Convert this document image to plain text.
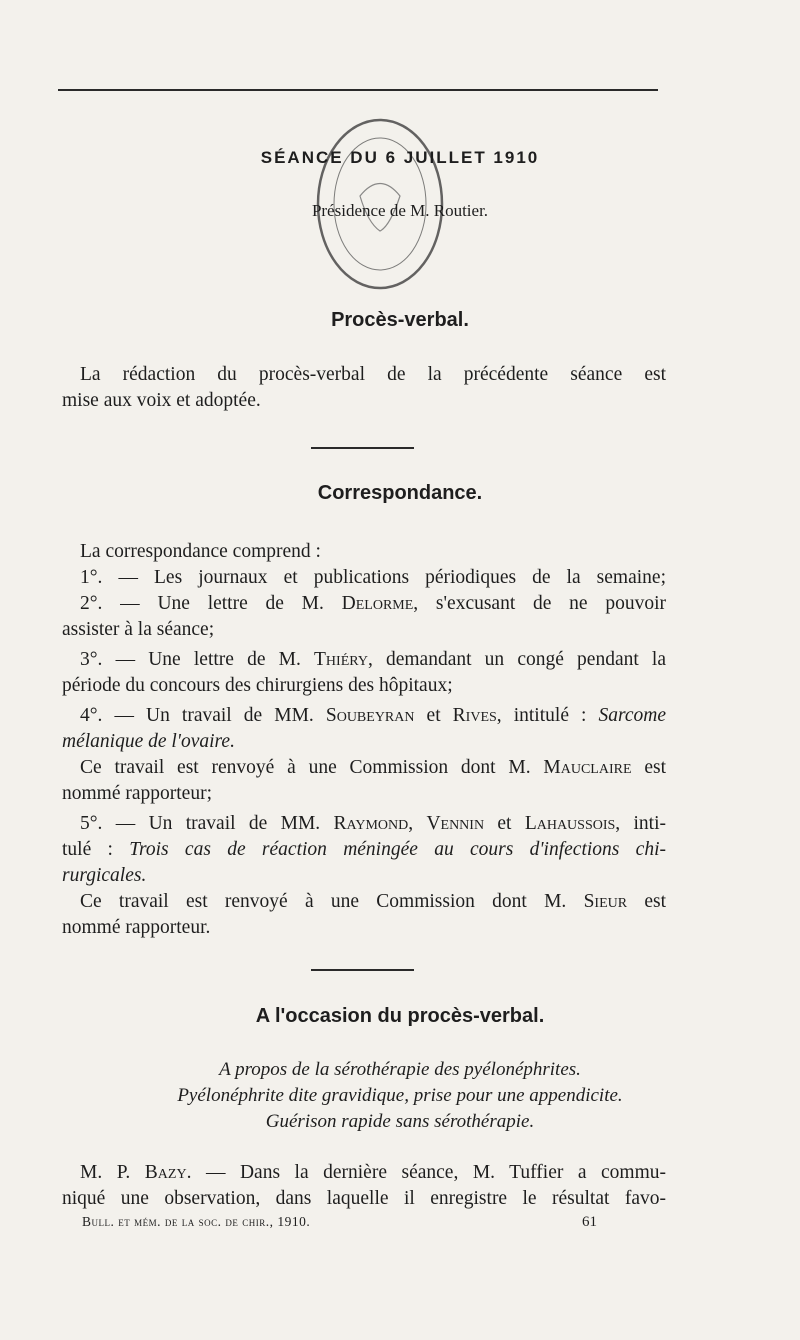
SÉANCE DU 6 JUILLET 1910
Présidence de M. Routier.
Procès-verbal.
La rédaction du procès-verbal de la précédente séance est
mise aux voix et adoptée.
Correspondance.
La correspondance comprend :
1°. — Les journaux et publications périodiques de la semaine;
2°. — Une lettre de M. Delorme, s'excusant de ne pouvoir
assister à la séance;
3°. — Une lettre de M. Thiéry, demandant un congé pendant la
période du concours des chirurgiens des hôpitaux;
4°. — Un travail de MM. Soubeyran et Rives, intitulé : Sarcome
mélanique de l'ovaire.
Ce travail est renvoyé à une Commission dont M. Mauclaire est
nommé rapporteur;
5°. — Un travail de MM. Raymond, Vennin et Lahaussois, inti-
tulé : Trois cas de réaction méningée au cours d'infections chi-
rurgicales.
Ce travail est renvoyé à une Commission dont M. Sieur est
nommé rapporteur.
A l'occasion du procès-verbal.
A propos de la sérothérapie des pyélonéphrites.
Pyélonéphrite dite gravidique, prise pour une appendicite.
Guérison rapide sans sérothérapie.
M. P. Bazy. — Dans la dernière séance, M. Tuffier a commu-
niqué une observation, dans laquelle il enregistre le résultat favo-
Bull. et mém. de la soc. de chir., 1910.	61
